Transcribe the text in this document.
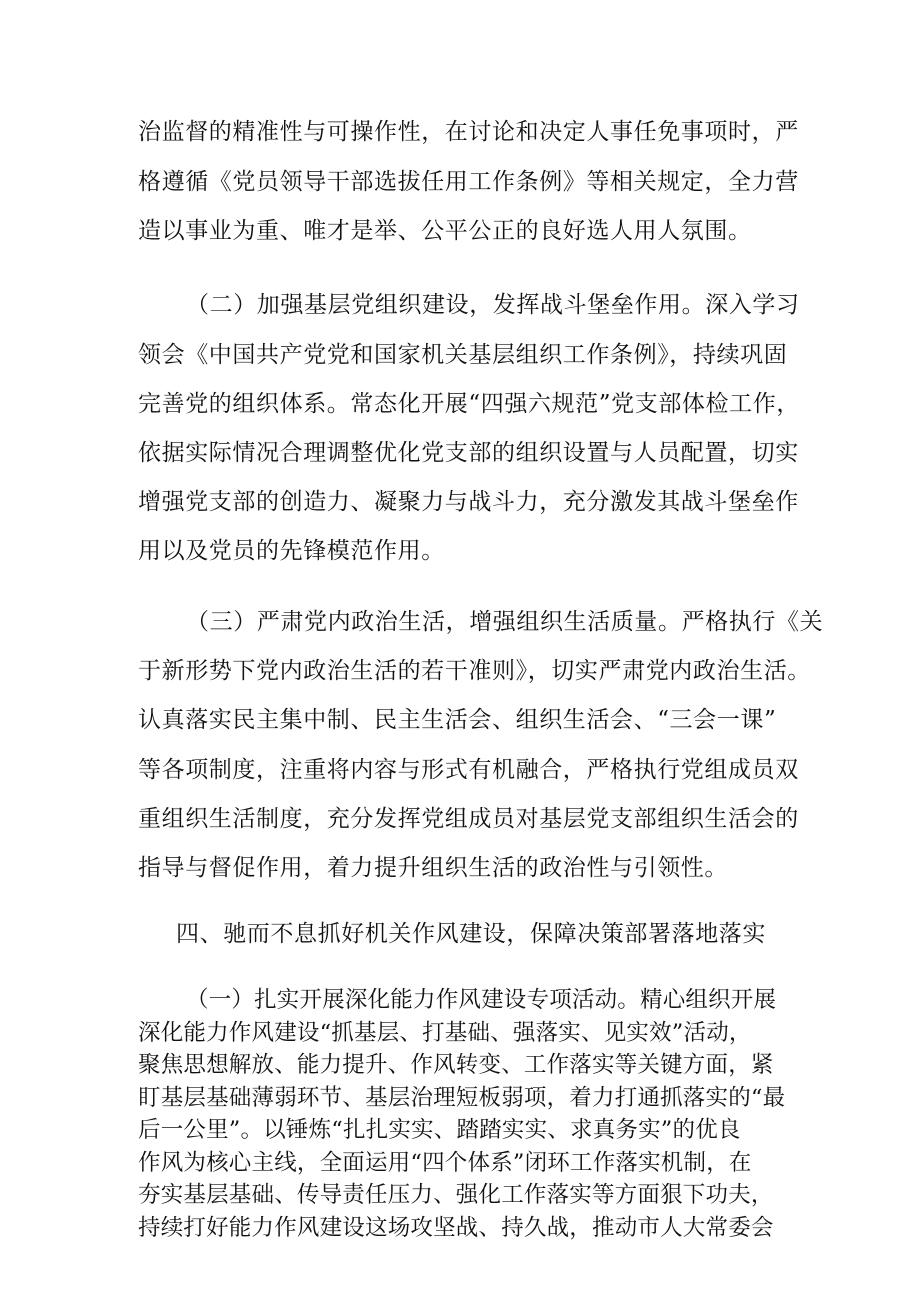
治监督的精准性与可操作性，在讨论和决定人事任免事项时，严

格遵循《党员领导干部选拔任用工作条例》等相关规定，全力营

造以事业为重、唯才是举、公平公正的良好选人用人氛围。

（二）加强基层党组织建设，发挥战斗堡垒作用。深入学习

领会《中国共产党党和国家机关基层组织工作条例》，持续巩固

完善党的组织体系。常态化开展“四强六规范”党支部体检工作，

依据实际情况合理调整优化党支部的组织设置与人员配置，切实

增强党支部的创造力、凝聚力与战斗力，充分激发其战斗堡垒作

用以及党员的先锋模范作用。

（三）严肃党内政治生活，增强组织生活质量。严格执行《关

于新形势下党内政治生活的若干准则》，切实严肃党内政治生活。

认真落实民主集中制、民主生活会、组织生活会、“三会一课”

等各项制度，注重将内容与形式有机融合，严格执行党组成员双

重组织生活制度，充分发挥党组成员对基层党支部组织生活会的

指导与督促作用，着力提升组织生活的政治性与引领性。

四、驰而不息抓好机关作风建设，保障决策部署落地落实

（一）扎实开展深化能力作风建设专项活动。精心组织开展

深化能力作风建设“抓基层、打基础、强落实、见实效”活动，

聚焦思想解放、能力提升、作风转变、工作落实等关键方面，紧

盯基层基础薄弱环节、基层治理短板弱项，着力打通抓落实的“最

后一公里”。以锤炼“扎扎实实、踏踏实实、求真务实”的优良

作风为核心主线，全面运用“四个体系”闭环工作落实机制，在

夯实基层基础、传导责任压力、强化工作落实等方面狠下功夫，

持续打好能力作风建设这场攻坚战、持久战，推动市人大常委会
